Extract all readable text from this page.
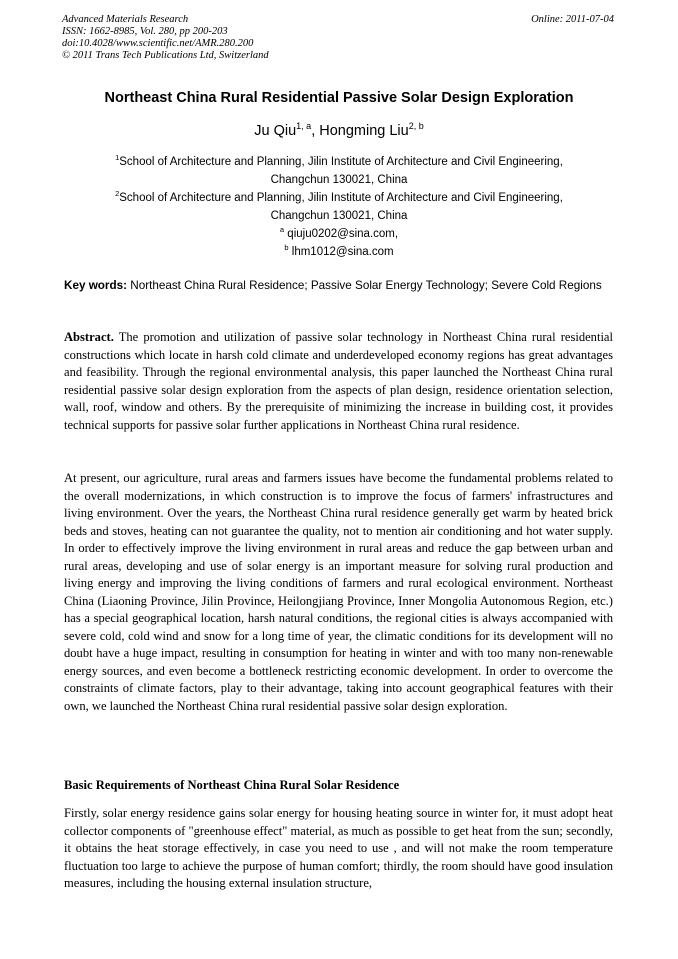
Advanced Materials Research
ISSN: 1662-8985, Vol. 280, pp 200-203
doi:10.4028/www.scientific.net/AMR.280.200
© 2011 Trans Tech Publications Ltd, Switzerland
Online: 2011-07-04
Northeast China Rural Residential Passive Solar Design Exploration
Ju Qiu$^{1, a}$, Hongming Liu$^{2, b}$
$^1$School of Architecture and Planning, Jilin Institute of Architecture and Civil Engineering,
Changchun 130021, China
$^2$School of Architecture and Planning, Jilin Institute of Architecture and Civil Engineering,
Changchun 130021, China
$^a$ qiuju0202@sina.com,
$^b$ lhm1012@sina.com
Key words: Northeast China Rural Residence; Passive Solar Energy Technology; Severe Cold Regions
Abstract. The promotion and utilization of passive solar technology in Northeast China rural residential constructions which locate in harsh cold climate and underdeveloped economy regions has great advantages and feasibility. Through the regional environmental analysis, this paper launched the Northeast China rural residential passive solar design exploration from the aspects of plan design, residence orientation selection, wall, roof, window and others. By the prerequisite of minimizing the increase in building cost, it provides technical supports for passive solar further applications in Northeast China rural residence.
At present, our agriculture, rural areas and farmers issues have become the fundamental problems related to the overall modernizations, in which construction is to improve the focus of farmers' infrastructures and living environment. Over the years, the Northeast China rural residence generally get warm by heated brick beds and stoves, heating can not guarantee the quality, not to mention air conditioning and hot water supply. In order to effectively improve the living environment in rural areas and reduce the gap between urban and rural areas, developing and use of solar energy is an important measure for solving rural production and living energy and improving the living conditions of farmers and rural ecological environment. Northeast China (Liaoning Province, Jilin Province, Heilongjiang Province, Inner Mongolia Autonomous Region, etc.) has a special geographical location, harsh natural conditions, the regional cities is always accompanied with severe cold, cold wind and snow for a long time of year, the climatic conditions for its development will no doubt have a huge impact, resulting in consumption for heating in winter and with too many non-renewable energy sources, and even become a bottleneck restricting economic development. In order to overcome the constraints of climate factors, play to their advantage, taking into account geographical features with their own, we launched the Northeast China rural residential passive solar design exploration.
Basic Requirements of Northeast China Rural Solar Residence
Firstly, solar energy residence gains solar energy for housing heating source in winter for, it must adopt heat collector components of "greenhouse effect" material, as much as possible to get heat from the sun; secondly, it obtains the heat storage effectively, in case you need to use , and will not make the room temperature fluctuation too large to achieve the purpose of human comfort; thirdly, the room should have good insulation measures, including the housing external insulation structure,
